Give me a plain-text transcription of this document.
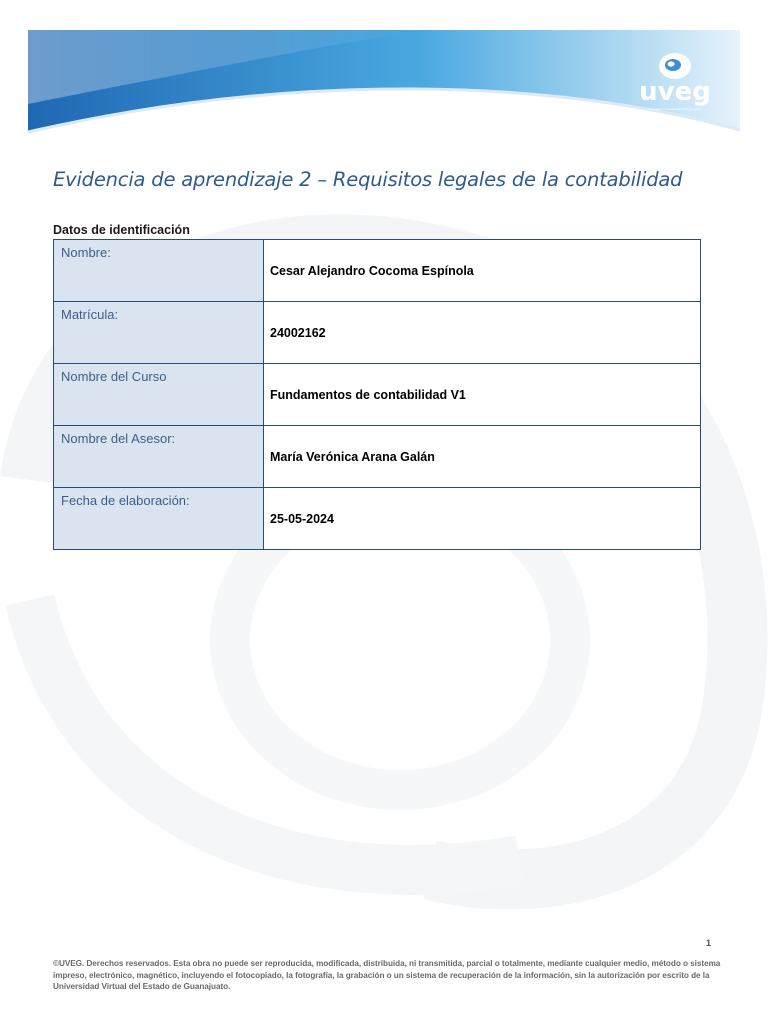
uveg
universidad virtual del estado de guanajuato
Evidencia de aprendizaje 2 – Requisitos legales de la contabilidad

Datos de identificación

Nombre:	Cesar Alejandro Cocoma Espínola
Matrícula:	24002162
Nombre del Curso	Fundamentos de contabilidad V1
Nombre del Asesor:	María Verónica Arana Galán
Fecha de elaboración:	25-05-2024

1

©UVEG. Derechos reservados. Esta obra no puede ser reproducida, modificada, distribuida, ni transmitida, parcial o totalmente, mediante cualquier medio, método o sistema impreso, electrónico, magnético, incluyendo el fotocopiado, la fotografía, la grabación o un sistema de recuperación de la información, sin la autorización por escrito de la Universidad Virtual del Estado de Guanajuato.
